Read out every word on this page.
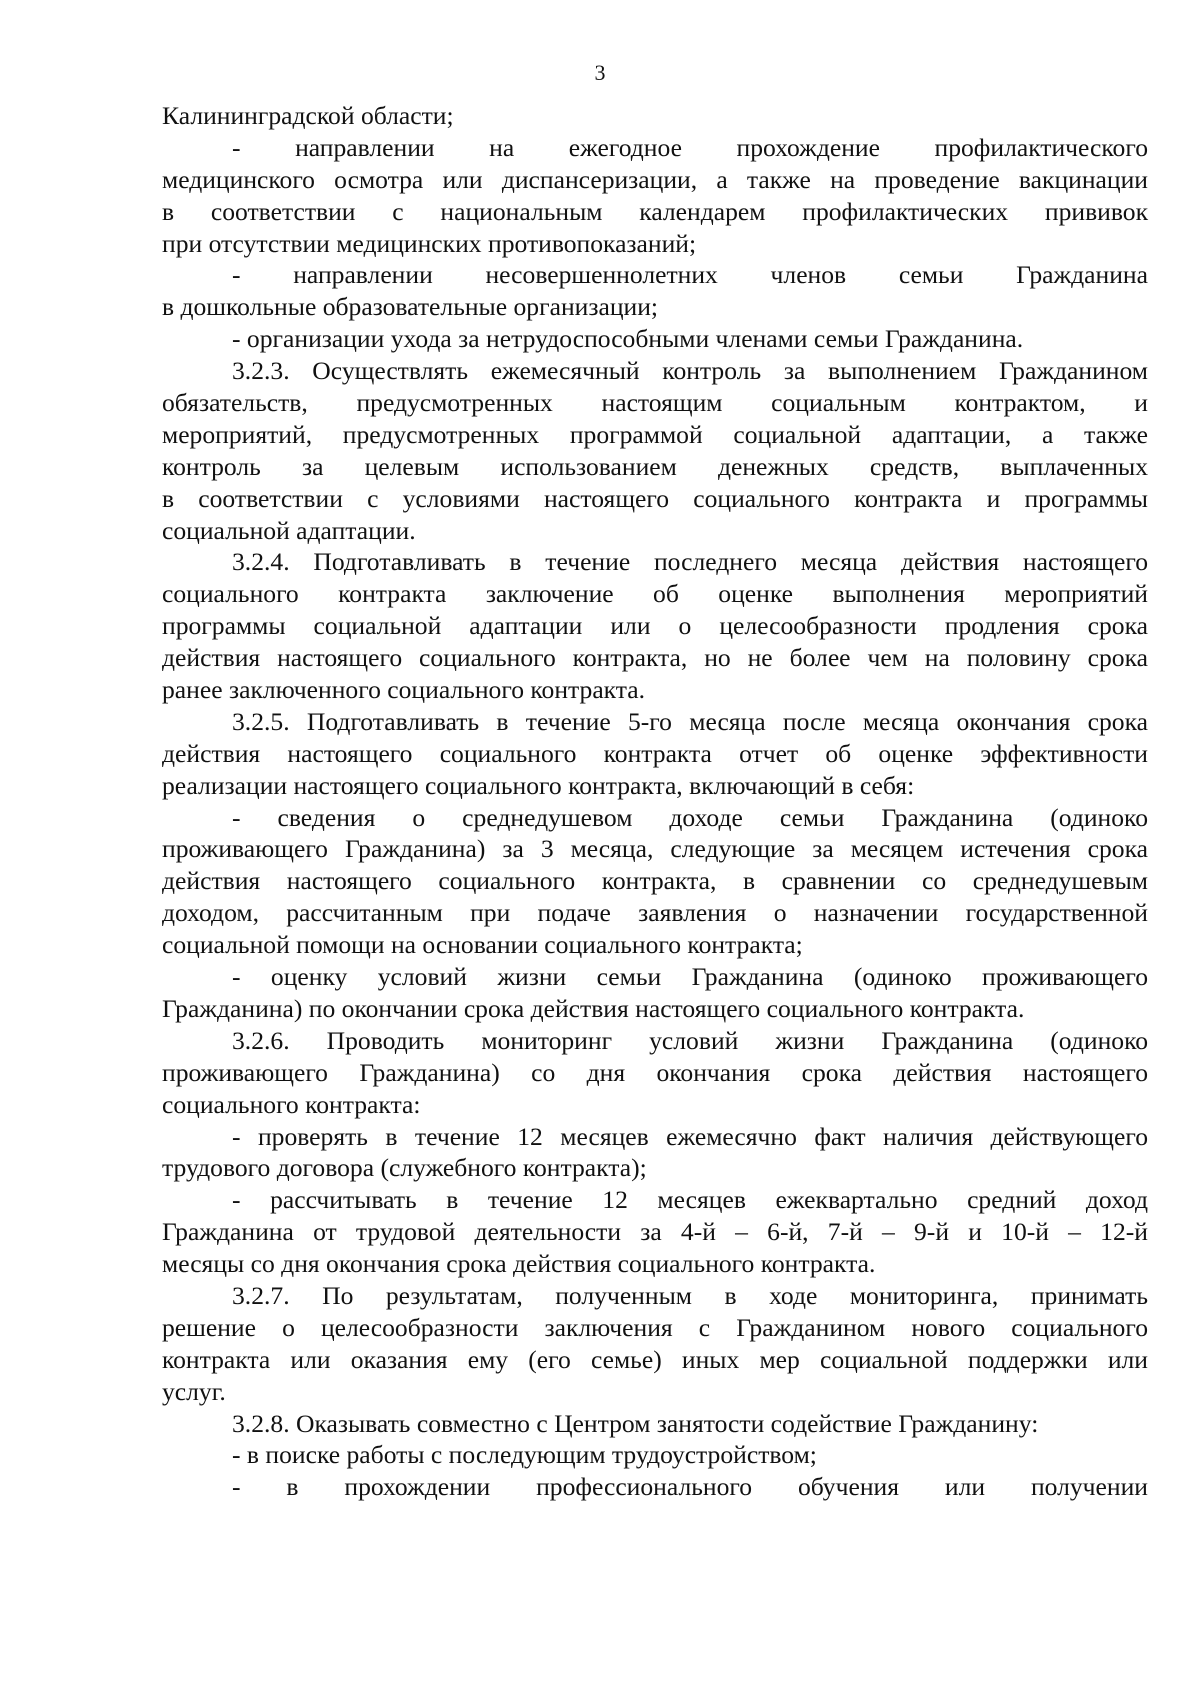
3
Калининградской области;
- направлении на ежегодное прохождение профилактического
медицинского осмотра или диспансеризации, а также на проведение вакцинации
в соответствии с национальным календарем профилактических прививок
при отсутствии медицинских противопоказаний;
- направлении несовершеннолетних членов семьи Гражданина
в дошкольные образовательные организации;
- организации ухода за нетрудоспособными членами семьи Гражданина.
3.2.3. Осуществлять ежемесячный контроль за выполнением Гражданином
обязательств, предусмотренных настоящим социальным контрактом, и
мероприятий, предусмотренных программой социальной адаптации, а также
контроль за целевым использованием денежных средств, выплаченных
в соответствии с условиями настоящего социального контракта и программы
социальной адаптации.
3.2.4. Подготавливать в течение последнего месяца действия настоящего
социального контракта заключение об оценке выполнения мероприятий
программы социальной адаптации или о целесообразности продления срока
действия настоящего социального контракта, но не более чем на половину срока
ранее заключенного социального контракта.
3.2.5. Подготавливать в течение 5-го месяца после месяца окончания срока
действия настоящего социального контракта отчет об оценке эффективности
реализации настоящего социального контракта, включающий в себя:
- сведения о среднедушевом доходе семьи Гражданина (одиноко
проживающего Гражданина) за 3 месяца, следующие за месяцем истечения срока
действия настоящего социального контракта, в сравнении со среднедушевым
доходом, рассчитанным при подаче заявления о назначении государственной
социальной помощи на основании социального контракта;
- оценку условий жизни семьи Гражданина (одиноко проживающего
Гражданина) по окончании срока действия настоящего социального контракта.
3.2.6. Проводить мониторинг условий жизни Гражданина (одиноко
проживающего Гражданина) со дня окончания срока действия настоящего
социального контракта:
- проверять в течение 12 месяцев ежемесячно факт наличия действующего
трудового договора (служебного контракта);
- рассчитывать в течение 12 месяцев ежеквартально средний доход
Гражданина от трудовой деятельности за 4-й – 6-й, 7-й – 9-й и 10-й – 12-й
месяцы со дня окончания срока действия социального контракта.
3.2.7. По результатам, полученным в ходе мониторинга, принимать
решение о целесообразности заключения с Гражданином нового социального
контракта или оказания ему (его семье) иных мер социальной поддержки или
услуг.
3.2.8. Оказывать совместно с Центром занятости содействие Гражданину:
- в поиске работы с последующим трудоустройством;
- в прохождении профессионального обучения или получении
